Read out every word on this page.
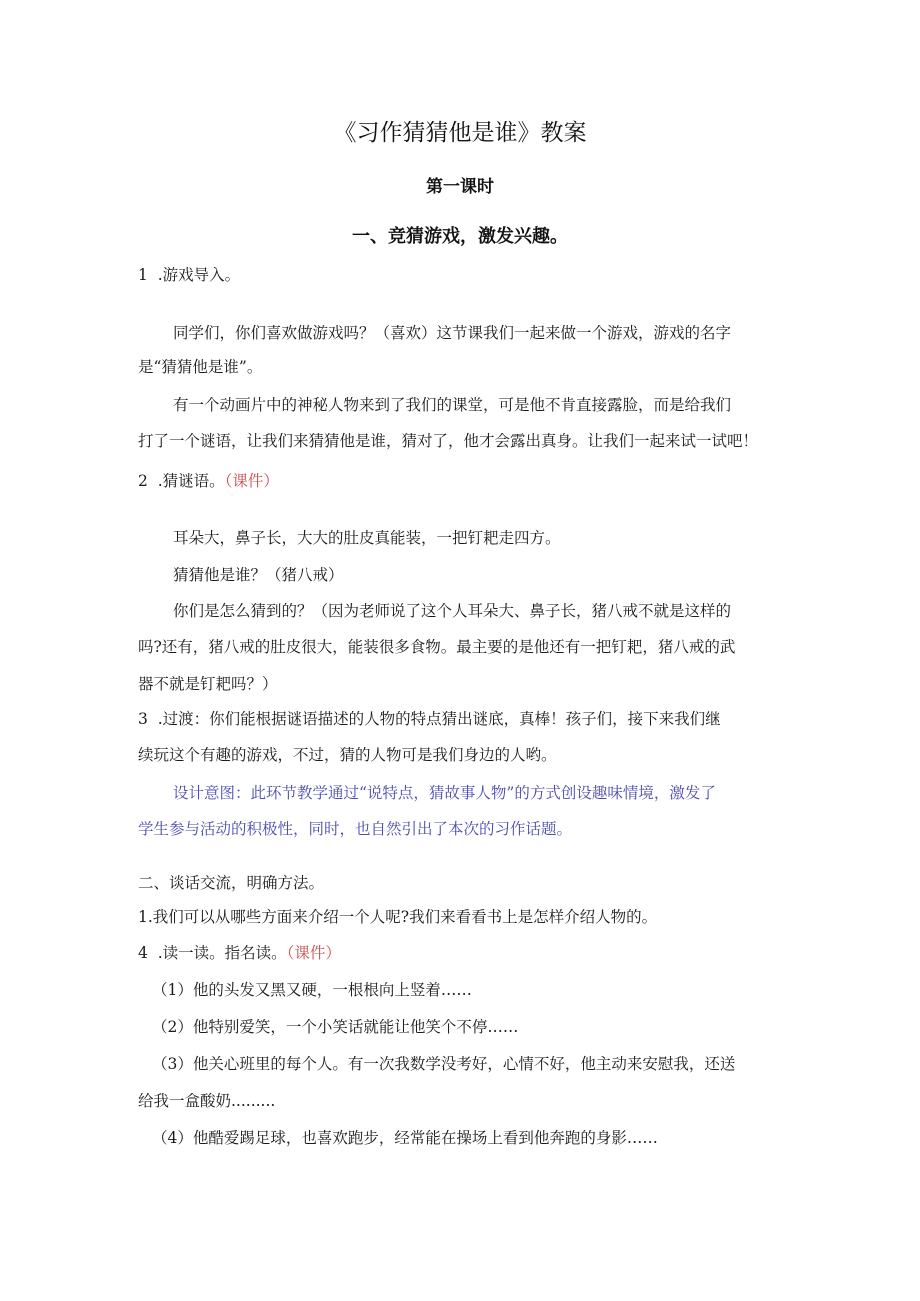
《习作猜猜他是谁》教案
第一课时
一、竞猜游戏，激发兴趣。
1  .游戏导入。
同学们，你们喜欢做游戏吗？（喜欢）这节课我们一起来做一个游戏，游戏的名字
是“猜猜他是谁”。
有一个动画片中的神秘人物来到了我们的课堂，可是他不肯直接露脸，而是给我们
打了一个谜语，让我们来猜猜他是谁，猜对了，他才会露出真身。让我们一起来试一试吧！
2  .猜谜语。（课件）
耳朵大，鼻子长，大大的肚皮真能装，一把钉耙走四方。
猜猜他是谁？（猪八戒）
你们是怎么猜到的？（因为老师说了这个人耳朵大、鼻子长，猪八戒不就是这样的
吗?还有，猪八戒的肚皮很大，能装很多食物。最主要的是他还有一把钉耙，猪八戒的武
器不就是钉耙吗？）
3  .过渡：你们能根据谜语描述的人物的特点猜出谜底，真棒！孩子们，接下来我们继
续玩这个有趣的游戏，不过，猜的人物可是我们身边的人哟。
设计意图：此环节教学通过“说特点，猜故事人物”的方式创设趣味情境，激发了
学生参与活动的积极性，同时，也自然引出了本次的习作话题。
二、谈话交流，明确方法。
1.我们可以从哪些方面来介绍一个人呢?我们来看看书上是怎样介绍人物的。
4  .读一读。指名读。（课件）
（1）他的头发又黑又硬，一根根向上竖着……
（2）他特别爱笑，一个小笑话就能让他笑个不停……
（3）他关心班里的每个人。有一次我数学没考好，心情不好，他主动来安慰我，还送
给我一盒酸奶.........
（4）他酷爱踢足球，也喜欢跑步，经常能在操场上看到他奔跑的身影……
